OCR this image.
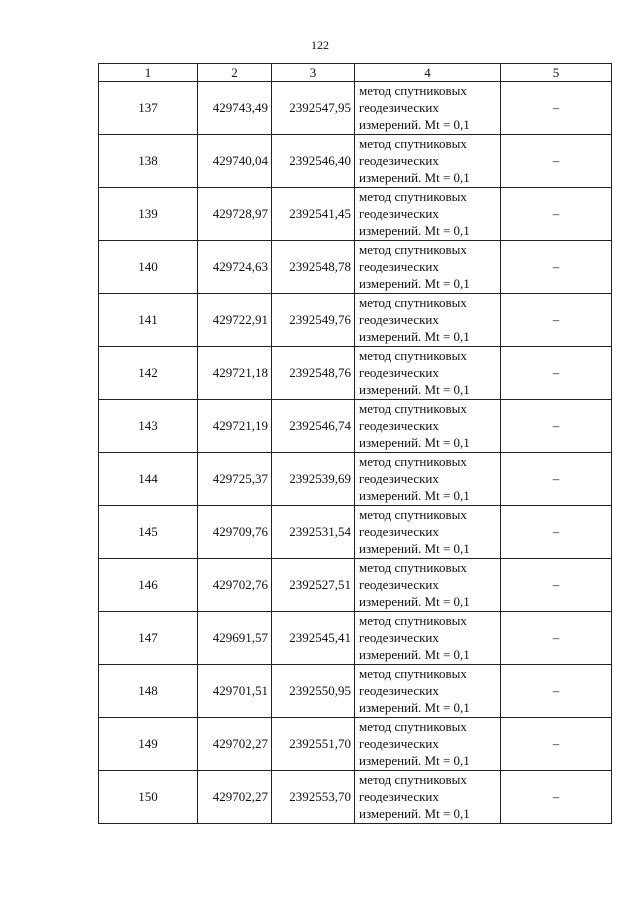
122
1	2	3	4	5
137	429743,49	2392547,95	метод спутниковых
геодезических
измерений. Mt = 0,1	–
138	429740,04	2392546,40	метод спутниковых
геодезических
измерений. Mt = 0,1	–
139	429728,97	2392541,45	метод спутниковых
геодезических
измерений. Mt = 0,1	–
140	429724,63	2392548,78	метод спутниковых
геодезических
измерений. Mt = 0,1	–
141	429722,91	2392549,76	метод спутниковых
геодезических
измерений. Mt = 0,1	–
142	429721,18	2392548,76	метод спутниковых
геодезических
измерений. Mt = 0,1	–
143	429721,19	2392546,74	метод спутниковых
геодезических
измерений. Mt = 0,1	–
144	429725,37	2392539,69	метод спутниковых
геодезических
измерений. Mt = 0,1	–
145	429709,76	2392531,54	метод спутниковых
геодезических
измерений. Mt = 0,1	–
146	429702,76	2392527,51	метод спутниковых
геодезических
измерений. Mt = 0,1	–
147	429691,57	2392545,41	метод спутниковых
геодезических
измерений. Mt = 0,1	–
148	429701,51	2392550,95	метод спутниковых
геодезических
измерений. Mt = 0,1	–
149	429702,27	2392551,70	метод спутниковых
геодезических
измерений. Mt = 0,1	–
150	429702,27	2392553,70	метод спутниковых
геодезических
измерений. Mt = 0,1	–
